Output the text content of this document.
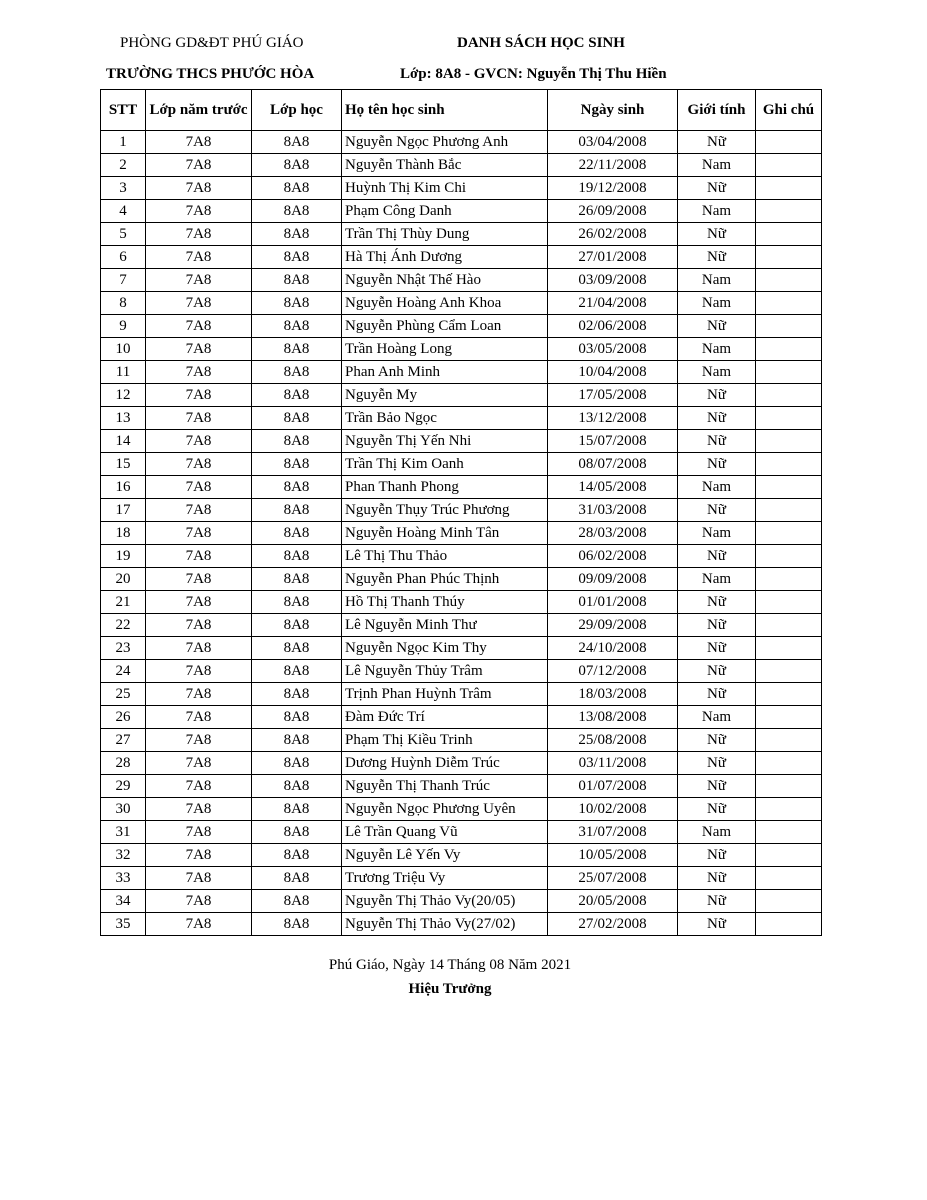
PHÒNG GD&ĐT PHÚ GIÁO
TRƯỜNG THCS PHƯỚC HÒA
DANH SÁCH HỌC SINH
Lớp: 8A8 - GVCN: Nguyễn Thị Thu Hiền
STT	Lớp năm trước	Lớp học	Họ tên học sinh	Ngày sinh	Giới tính	Ghi chú
1	7A8	8A8	Nguyễn Ngọc Phương Anh	03/04/2008	Nữ	
2	7A8	8A8	Nguyễn Thành Bắc	22/11/2008	Nam	
3	7A8	8A8	Huỳnh Thị Kim Chi	19/12/2008	Nữ	
4	7A8	8A8	Phạm Công Danh	26/09/2008	Nam	
5	7A8	8A8	Trần Thị Thùy Dung	26/02/2008	Nữ	
6	7A8	8A8	Hà Thị Ánh Dương	27/01/2008	Nữ	
7	7A8	8A8	Nguyễn Nhật Thế Hào	03/09/2008	Nam	
8	7A8	8A8	Nguyễn Hoàng Anh Khoa	21/04/2008	Nam	
9	7A8	8A8	Nguyễn Phùng Cẩm Loan	02/06/2008	Nữ	
10	7A8	8A8	Trần Hoàng Long	03/05/2008	Nam	
11	7A8	8A8	Phan Anh Minh	10/04/2008	Nam	
12	7A8	8A8	Nguyễn My	17/05/2008	Nữ	
13	7A8	8A8	Trần Bảo Ngọc	13/12/2008	Nữ	
14	7A8	8A8	Nguyễn Thị Yến Nhi	15/07/2008	Nữ	
15	7A8	8A8	Trần Thị Kim Oanh	08/07/2008	Nữ	
16	7A8	8A8	Phan Thanh Phong	14/05/2008	Nam	
17	7A8	8A8	Nguyễn Thụy Trúc Phương	31/03/2008	Nữ	
18	7A8	8A8	Nguyễn Hoàng Minh Tân	28/03/2008	Nam	
19	7A8	8A8	Lê Thị Thu Thảo	06/02/2008	Nữ	
20	7A8	8A8	Nguyễn Phan Phúc Thịnh	09/09/2008	Nam	
21	7A8	8A8	Hồ Thị Thanh Thúy	01/01/2008	Nữ	
22	7A8	8A8	Lê Nguyễn Minh Thư	29/09/2008	Nữ	
23	7A8	8A8	Nguyễn Ngọc Kim Thy	24/10/2008	Nữ	
24	7A8	8A8	Lê Nguyễn Thủy Trâm	07/12/2008	Nữ	
25	7A8	8A8	Trịnh Phan Huỳnh Trâm	18/03/2008	Nữ	
26	7A8	8A8	Đàm Đức Trí	13/08/2008	Nam	
27	7A8	8A8	Phạm Thị Kiều Trinh	25/08/2008	Nữ	
28	7A8	8A8	Dương Huỳnh Diễm Trúc	03/11/2008	Nữ	
29	7A8	8A8	Nguyễn Thị Thanh Trúc	01/07/2008	Nữ	
30	7A8	8A8	Nguyễn Ngọc Phương Uyên	10/02/2008	Nữ	
31	7A8	8A8	Lê Trần Quang Vũ	31/07/2008	Nam	
32	7A8	8A8	Nguyễn Lê Yến Vy	10/05/2008	Nữ	
33	7A8	8A8	Trương Triệu Vy	25/07/2008	Nữ	
34	7A8	8A8	Nguyễn Thị Thảo Vy(20/05)	20/05/2008	Nữ	
35	7A8	8A8	Nguyễn Thị Thảo Vy(27/02)	27/02/2008	Nữ	
Phú Giáo, Ngày 14 Tháng 08 Năm 2021
Hiệu Trưởng
